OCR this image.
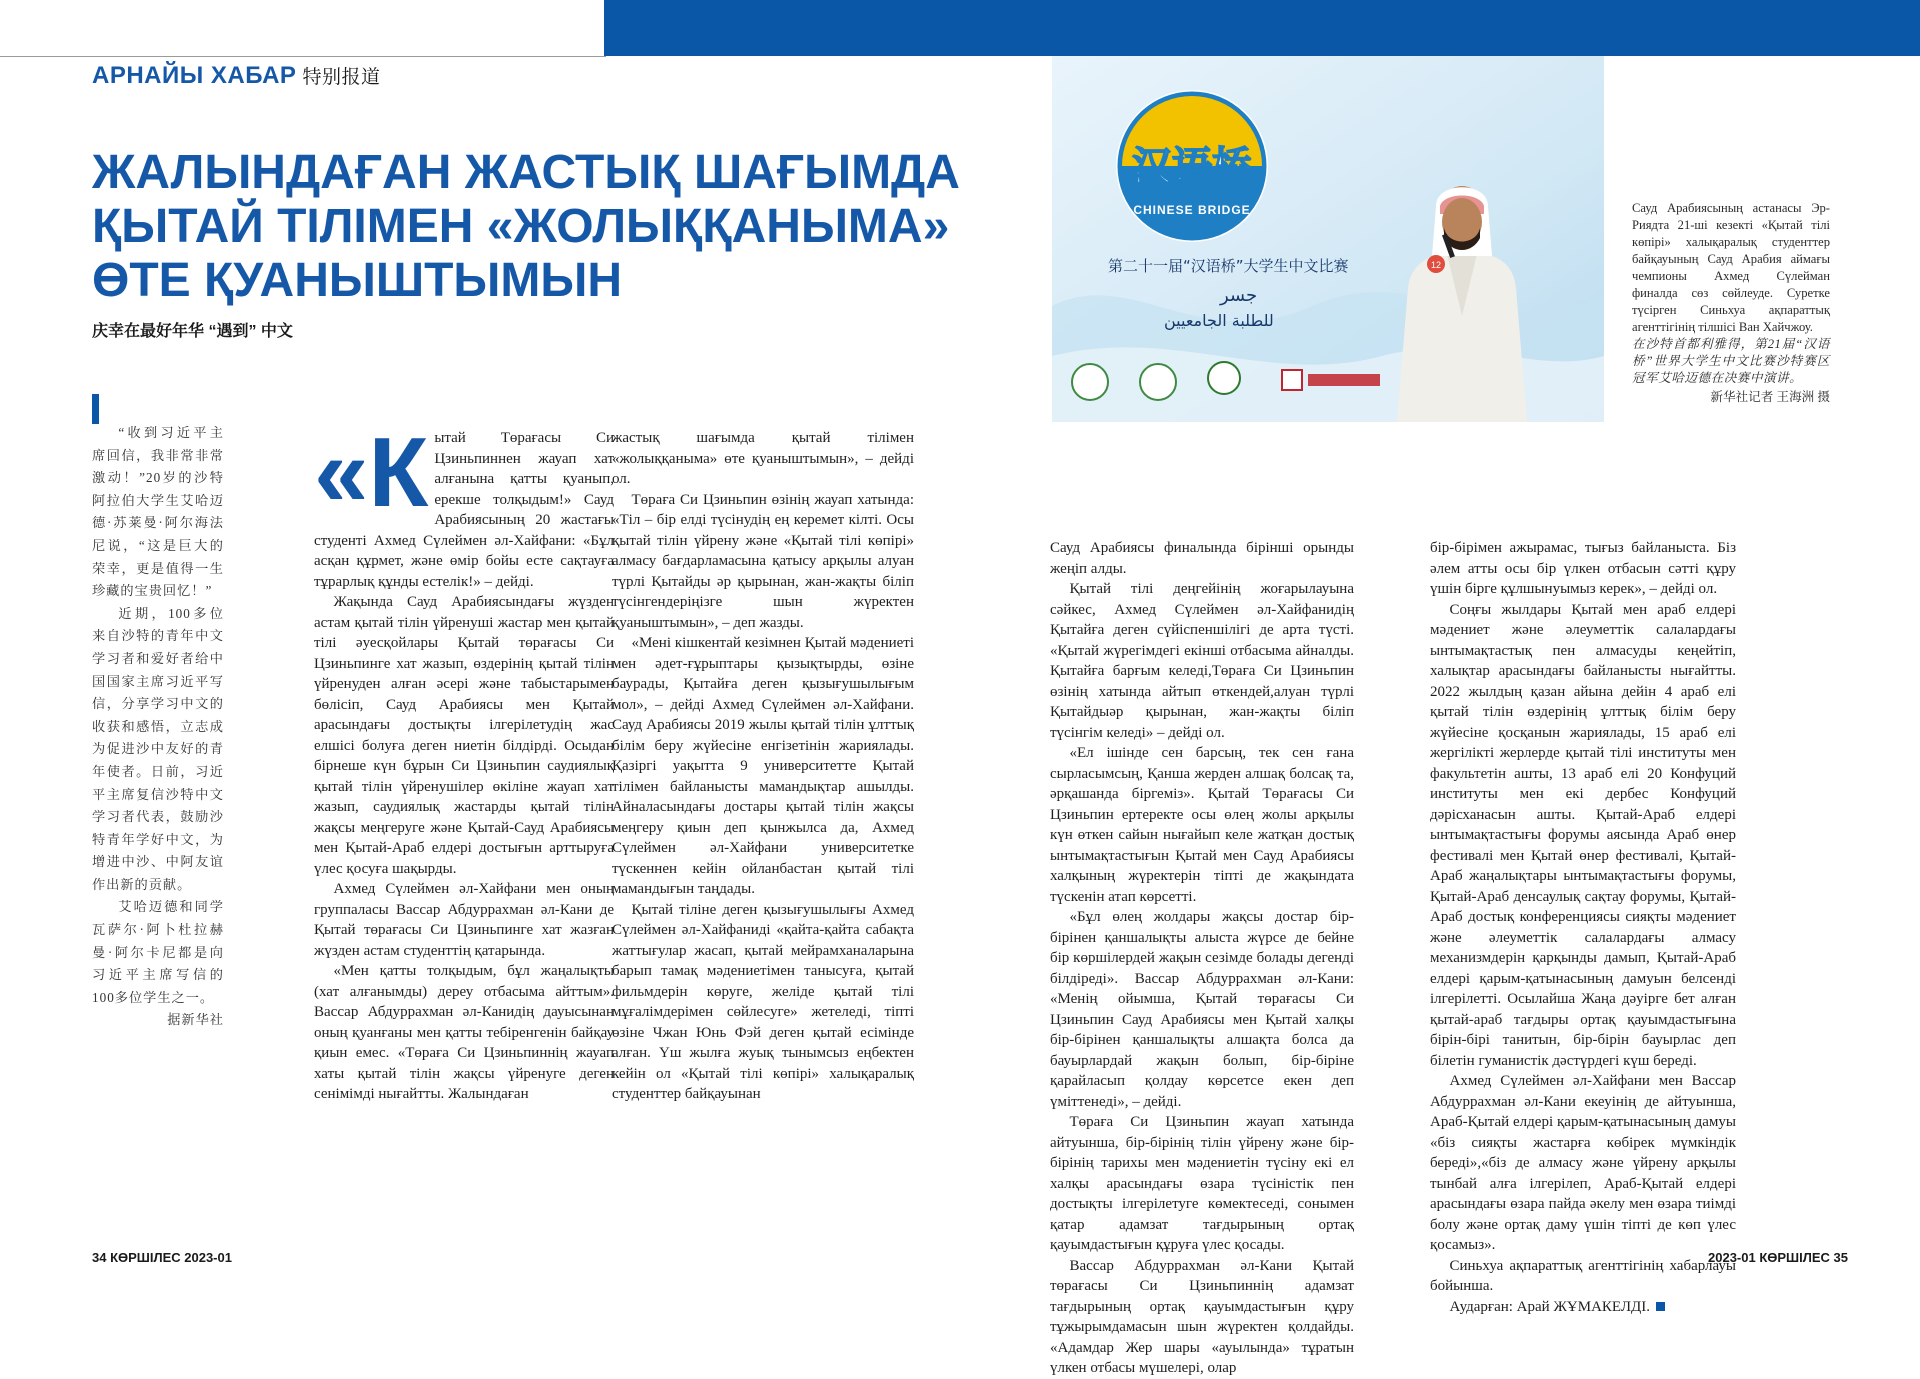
АРНАЙЫ ХАБАР 特别报道
ЖАЛЫНДАҒАН ЖАСТЫҚ ШАҒЫМДА
ҚЫТАЙ ТІЛІМЕН «ЖОЛЫҚҚАНЫМА»
ӨТЕ ҚУАНЫШТЫМЫН
庆幸在最好年华 “遇到” 中文

“收到习近平主席回信，我非常非常激动！”20岁的沙特阿拉伯大学生艾哈迈德·苏莱曼·阿尔海法尼说，“这是巨大的荣幸，更是值得一生珍藏的宝贵回忆！”

近期，100多位来自沙特的青年中文学习者和爱好者给中国国家主席习近平写信，分享学习中文的收获和感悟，立志成为促进沙中友好的青年使者。日前，习近平主席复信沙特中文学习者代表，鼓励沙特青年学好中文，为增进中沙、中阿友谊作出新的贡献。

艾哈迈德和同学瓦萨尔·阿卜杜拉赫曼·阿尔卡尼都是向习近平主席写信的100多位学生之一。

据新华社

«Кытай Төрағасы Си Цзиньпиннен жауап хат алғанына қатты қуанып, ерекше толқыдым!» Сауд Арабиясының 20 жастағы студенті Ахмед Сүлеймен әл-Хайфани: «Бұл асқан құрмет, және өмір бойы есте сақтауға тұрарлық құнды естелік!» – дейді.

Жақында Сауд Арабиясындағы жүзден астам қытай тілін үйренуші жастар мен қытай тілі әуесқойлары Қытай төрағасы Си Цзиньпинге хат жазып, өздерінің қытай тілін үйренуден алған әсері және табыстарымен бөлісіп, Сауд Арабиясы мен Қытай арасындағы достықты ілгерілетудің жас елшісі болуға деген ниетін білдірді. Осыдан бірнеше күн бұрын Си Цзиньпин саудиялық қытай тілін үйренушілер өкіліне жауап хат жазып, саудиялық жастарды қытай тілін жақсы меңгеруге және Қытай-Сауд Арабиясы мен Қытай-Араб елдері достығын арттыруға үлес қосуға шақырды.

Ахмед Сүлеймен әл-Хайфани мен оның группаласы Вассар Абдуррахман әл-Кани де Қытай төрағасы Си Цзиньпинге хат жазған жүзден астам студенттің қатарында.

«Мен қатты толқыдым, бұл жаңалықты (хат алғанымды) дереу отбасыма айттым». Вассар Абдуррахман әл-Канидің дауысынан оның қуанғаны мен қатты тебіренгенін байқау қиын емес. «Төраға Си Цзиньпиннің жауап хаты қытай тілін жақсы үйренуге деген сенімімді нығайтты. Жалындаған

жастық шағымда қытай тілімен «жолыққаныма» өте қуаныштымын», – дейді ол.

Төраға Си Цзиньпин өзінің жауап хатында: «Тіл – бір елді түсінудің ең керемет кілті. Осы қытай тілін үйрену және «Қытай тілі көпірі» алмасу бағдарламасына қатысу арқылы алуан түрлі Қытайды әр қырынан, жан-жақты біліп түсінгендеріңізге шын жүректен қуаныштымын», – деп жазды.

«Мені кішкентай кезімнен Қытай мәдениеті мен әдет-ғұрыптары қызықтырды, өзіне баурады, Қытайға деген қызығушылығым мол», – дейді Ахмед Сүлеймен әл-Хайфани. Сауд Арабиясы 2019 жылы қытай тілін ұлттық білім беру жүйесіне енгізетінін жариялады. Қазіргі уақытта 9 университетте Қытай тілімен байланысты мамандықтар ашылды. Айналасындағы достары қытай тілін жақсы меңгеру қиын деп қынжылса да, Ахмед Сүлеймен әл-Хайфани университетке түскеннен кейін ойланбастан қытай тілі мамандығын таңдады.

Қытай тіліне деген қызығушылығы Ахмед Сүлеймен әл-Хайфаниді «қайта-қайта сабақта жаттығулар жасап, қытай мейрамханаларына барып тамақ мәдениетімен танысуға, қытай фильмдерін көруге, желіде қытай тілі мұғалімдерімен сөйлесуге» жетеледі, тіпті өзіне Чжан Юнь Фэй деген қытай есімінде алған. Үш жылға жуық тынымсыз еңбектен кейін ол «Қытай тілі көпірі» халықаралық студенттер байқауынан

汉语桥
CHINESE BRIDGE
第二十一届“汉语桥”大学生中文比赛
جسر
للطلبة الجامعيين
12

Сауд Арабиясының астанасы Эр-Риядта 21-ші кезекті «Қытай тілі көпірі» халықаралық студенттер байқауының Сауд Арабия аймағы чемпионы Ахмед Сүлейман финалда сөз сөйлеуде. Суретке түсірген Синьхуа ақпараттық агенттігінің тілшісі Ван Хайчжоу.

在沙特首都利雅得，第21届“汉语桥”世界大学生中文比赛沙特赛区冠军艾哈迈德在决赛中演讲。

新华社记者 王海洲 摄

Сауд Арабиясы финалында бірінші орынды жеңіп алды.

Қытай тілі деңгейінің жоғарылауына сәйкес, Ахмед Сүлеймен әл-Хайфанидің Қытайға деген сүйіспеншілігі де арта түсті. «Қытай жүрегімдегі екінші отбасыма айналды. Қытайға барғым келеді,Төраға Си Цзиньпин өзінің хатында айтып өткендей,алуан түрлі Қытайдыәр қырынан, жан-жақты біліп түсінгім келеді» – дейді ол.

«Ел ішінде сен барсың, тек сен ғана сырласымсың, Қанша жерден алшақ болсақ та, әрқашанда біргеміз». Қытай Төрағасы Си Цзиньпин ертеректе осы өлең жолы арқылы күн өткен сайын нығайып келе жатқан достық ынтымақтастығын Қытай мен Сауд Арабиясы халқының жүректерін тіпті де жақындата түскенін атап көрсетті.

«Бұл өлең жолдары жақсы достар бір-бірінен қаншалықты алыста жүрсе де бейне бір көршілердей жақын сезімде болады дегенді білдіреді». Вассар Абдуррахман әл-Кани: «Менің ойымша, Қытай төрағасы Си Цзиньпин Сауд Арабиясы мен Қытай халқы бір-бірінен қаншалықты алшақта болса да бауырлардай жақын болып, бір-біріне қарайласып қолдау көрсетсе екен деп үміттенеді», – дейді.

Төраға Си Цзиньпин жауап хатында айтуынша, бір-бірінің тілін үйрену және бір-бірінің тарихы мен мәдениетін түсіну екі ел халқы арасындағы өзара түсіністік пен достықты ілгерілетуге көмектеседі, сонымен қатар адамзат тағдырының ортақ қауымдастығын құруға үлес қосады.

Вассар Абдуррахман әл-Кани Қытай төрағасы Си Цзиньпиннің адамзат тағдырының ортақ қауымдастығын құру тұжырымдамасын шын жүректен қолдайды. «Адамдар Жер шары «ауылында» тұратын үлкен отбасы мүшелері, олар

бір-бірімен ажырамас, тығыз байланыста. Біз әлем атты осы бір үлкен отбасын сәтті құру үшін бірге құлшынуымыз керек», – дейді ол.

Соңғы жылдары Қытай мен араб елдері мәдениет және әлеуметтік салалардағы ынтымақтастық пен алмасуды кеңейтіп, халықтар арасындағы байланысты нығайтты. 2022 жылдың қазан айына дейін 4 араб елі қытай тілін өздерінің ұлттық білім беру жүйесіне қосқанын жариялады, 15 араб елі жергілікті жерлерде қытай тілі институты мен факультетін ашты, 13 араб елі 20 Конфуций институты мен екі дербес Конфуций дәрісханасын ашты. Қытай-Араб елдері ынтымақтастығы форумы аясында Араб өнер фестивалі мен Қытай өнер фестивалі, Қытай-Араб жаңалықтары ынтымақтастығы форумы, Қытай-Араб денсаулық сақтау форумы, Қытай-Араб достық конференциясы сияқты мәдениет және әлеуметтік салалардағы алмасу механизмдерін қарқынды дамып, Қытай-Араб елдері қарым-қатынасының дамуын белсенді ілгерілетті. Осылайша Жаңа дәуірге бет алған қытай-араб тағдыры ортақ қауымдастығына бірін-бірі танитын, бір-бірін бауырлас деп білетін гуманистік дәстүрдегі күш береді.

Ахмед Сүлеймен әл-Хайфани мен Вассар Абдуррахман әл-Кани екеуінің де айтуынша, Араб-Қытай елдері қарым-қатынасының дамуы «біз сияқты жастарға көбірек мүмкіндік береді»,«біз де алмасу және үйрену арқылы тынбай алға ілгерілеп, Араб-Қытай елдері арасындағы өзара пайда әкелу мен өзара тиімді болу және ортақ даму үшін тіпті де көп үлес қосамыз».

Синьхуа ақпараттық агенттігінің хабарлауы бойынша.

Аударған: Арай ЖҰМАКЕЛДІ.

34 КӨРШІЛЕС 2023-01	2023-01 КӨРШІЛЕС 35
